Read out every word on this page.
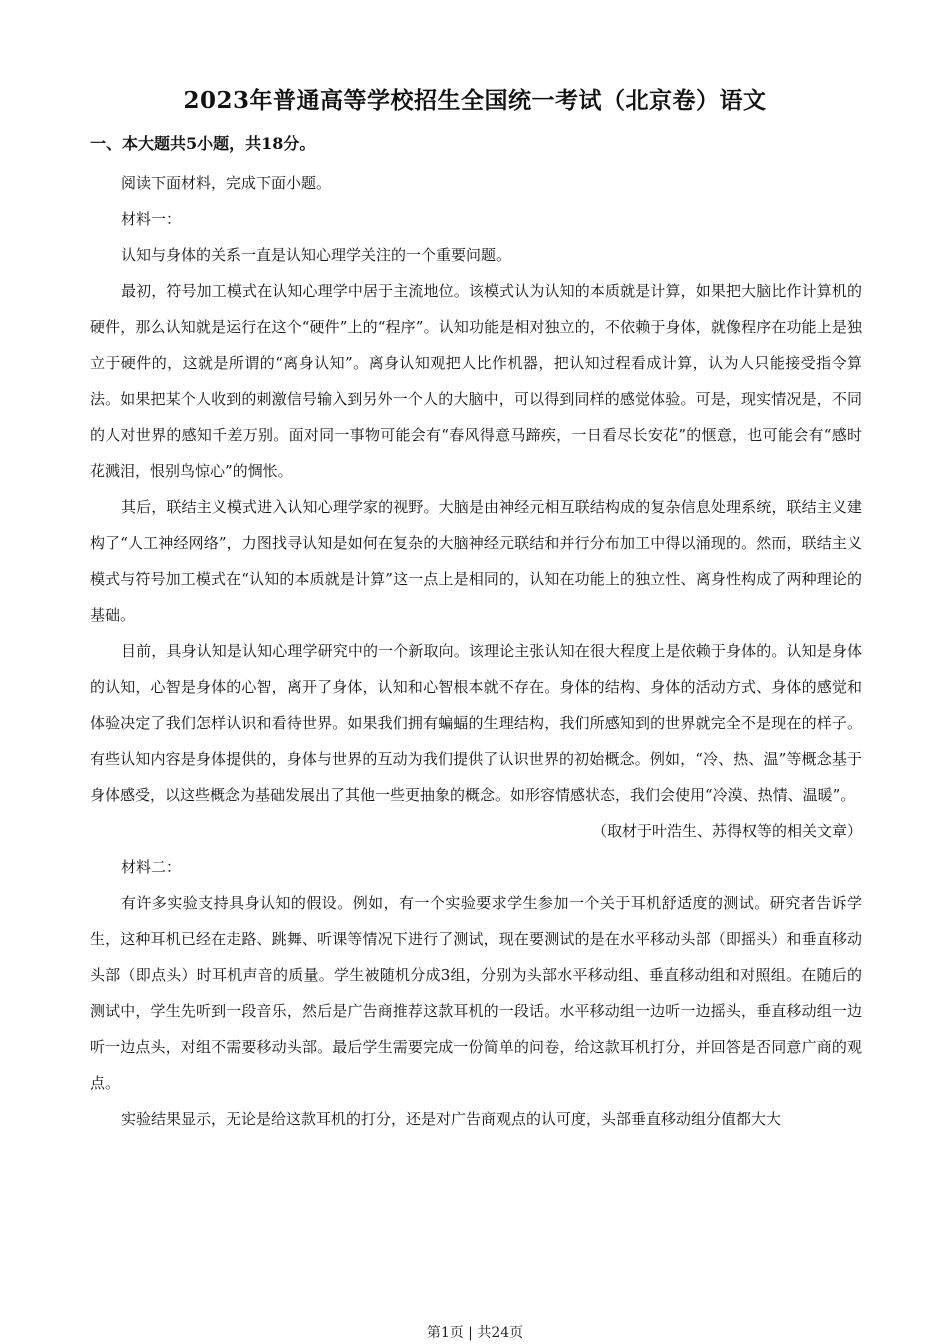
2023年普通高等学校招生全国统一考试（北京卷）语文
一、本大题共5小题，共18分。

阅读下面材料，完成下面小题。

材料一：

认知与身体的关系一直是认知心理学关注的一个重要问题。

最初，符号加工模式在认知心理学中居于主流地位。该模式认为认知的本质就是计算，如果把大脑比作计算机的硬件，那么认知就是运行在这个“硬件”上的“程序”。认知功能是相对独立的，不依赖于身体，就像程序在功能上是独立于硬件的，这就是所谓的“离身认知”。离身认知观把人比作机器，把认知过程看成计算，认为人只能接受指令算法。如果把某个人收到的刺激信号输入到另外一个人的大脑中，可以得到同样的感觉体验。可是，现实情况是，不同的人对世界的感知千差万别。面对同一事物可能会有“春风得意马蹄疾，一日看尽长安花”的惬意，也可能会有“感时花溅泪，恨别鸟惊心”的惆怅。

其后，联结主义模式进入认知心理学家的视野。大脑是由神经元相互联结构成的复杂信息处理系统，联结主义建构了“人工神经网络”，力图找寻认知是如何在复杂的大脑神经元联结和并行分布加工中得以涌现的。然而，联结主义模式与符号加工模式在“认知的本质就是计算”这一点上是相同的，认知在功能上的独立性、离身性构成了两种理论的基础。

目前，具身认知是认知心理学研究中的一个新取向。该理论主张认知在很大程度上是依赖于身体的。认知是身体的认知，心智是身体的心智，离开了身体，认知和心智根本就不存在。身体的结构、身体的活动方式、身体的感觉和体验决定了我们怎样认识和看待世界。如果我们拥有蝙蝠的生理结构，我们所感知到的世界就完全不是现在的样子。有些认知内容是身体提供的，身体与世界的互动为我们提供了认识世界的初始概念。例如，“冷、热、温”等概念基于身体感受，以这些概念为基础发展出了其他一些更抽象的概念。如形容情感状态，我们会使用“冷漠、热情、温暖”。

（取材于叶浩生、苏得权等的相关文章）

材料二：

有许多实验支持具身认知的假设。例如，有一个实验要求学生参加一个关于耳机舒适度的测试。研究者告诉学生，这种耳机已经在走路、跳舞、听课等情况下进行了测试，现在要测试的是在水平移动头部（即摇头）和垂直移动头部（即点头）时耳机声音的质量。学生被随机分成3组，分别为头部水平移动组、垂直移动组和对照组。在随后的测试中，学生先听到一段音乐，然后是广告商推荐这款耳机的一段话。水平移动组一边听一边摇头，垂直移动组一边听一边点头，对组不需要移动头部。最后学生需要完成一份简单的问卷，给这款耳机打分，并回答是否同意广商的观点。

实验结果显示，无论是给这款耳机的打分，还是对广告商观点的认可度，头部垂直移动组分值都大大

第1页 | 共24页
